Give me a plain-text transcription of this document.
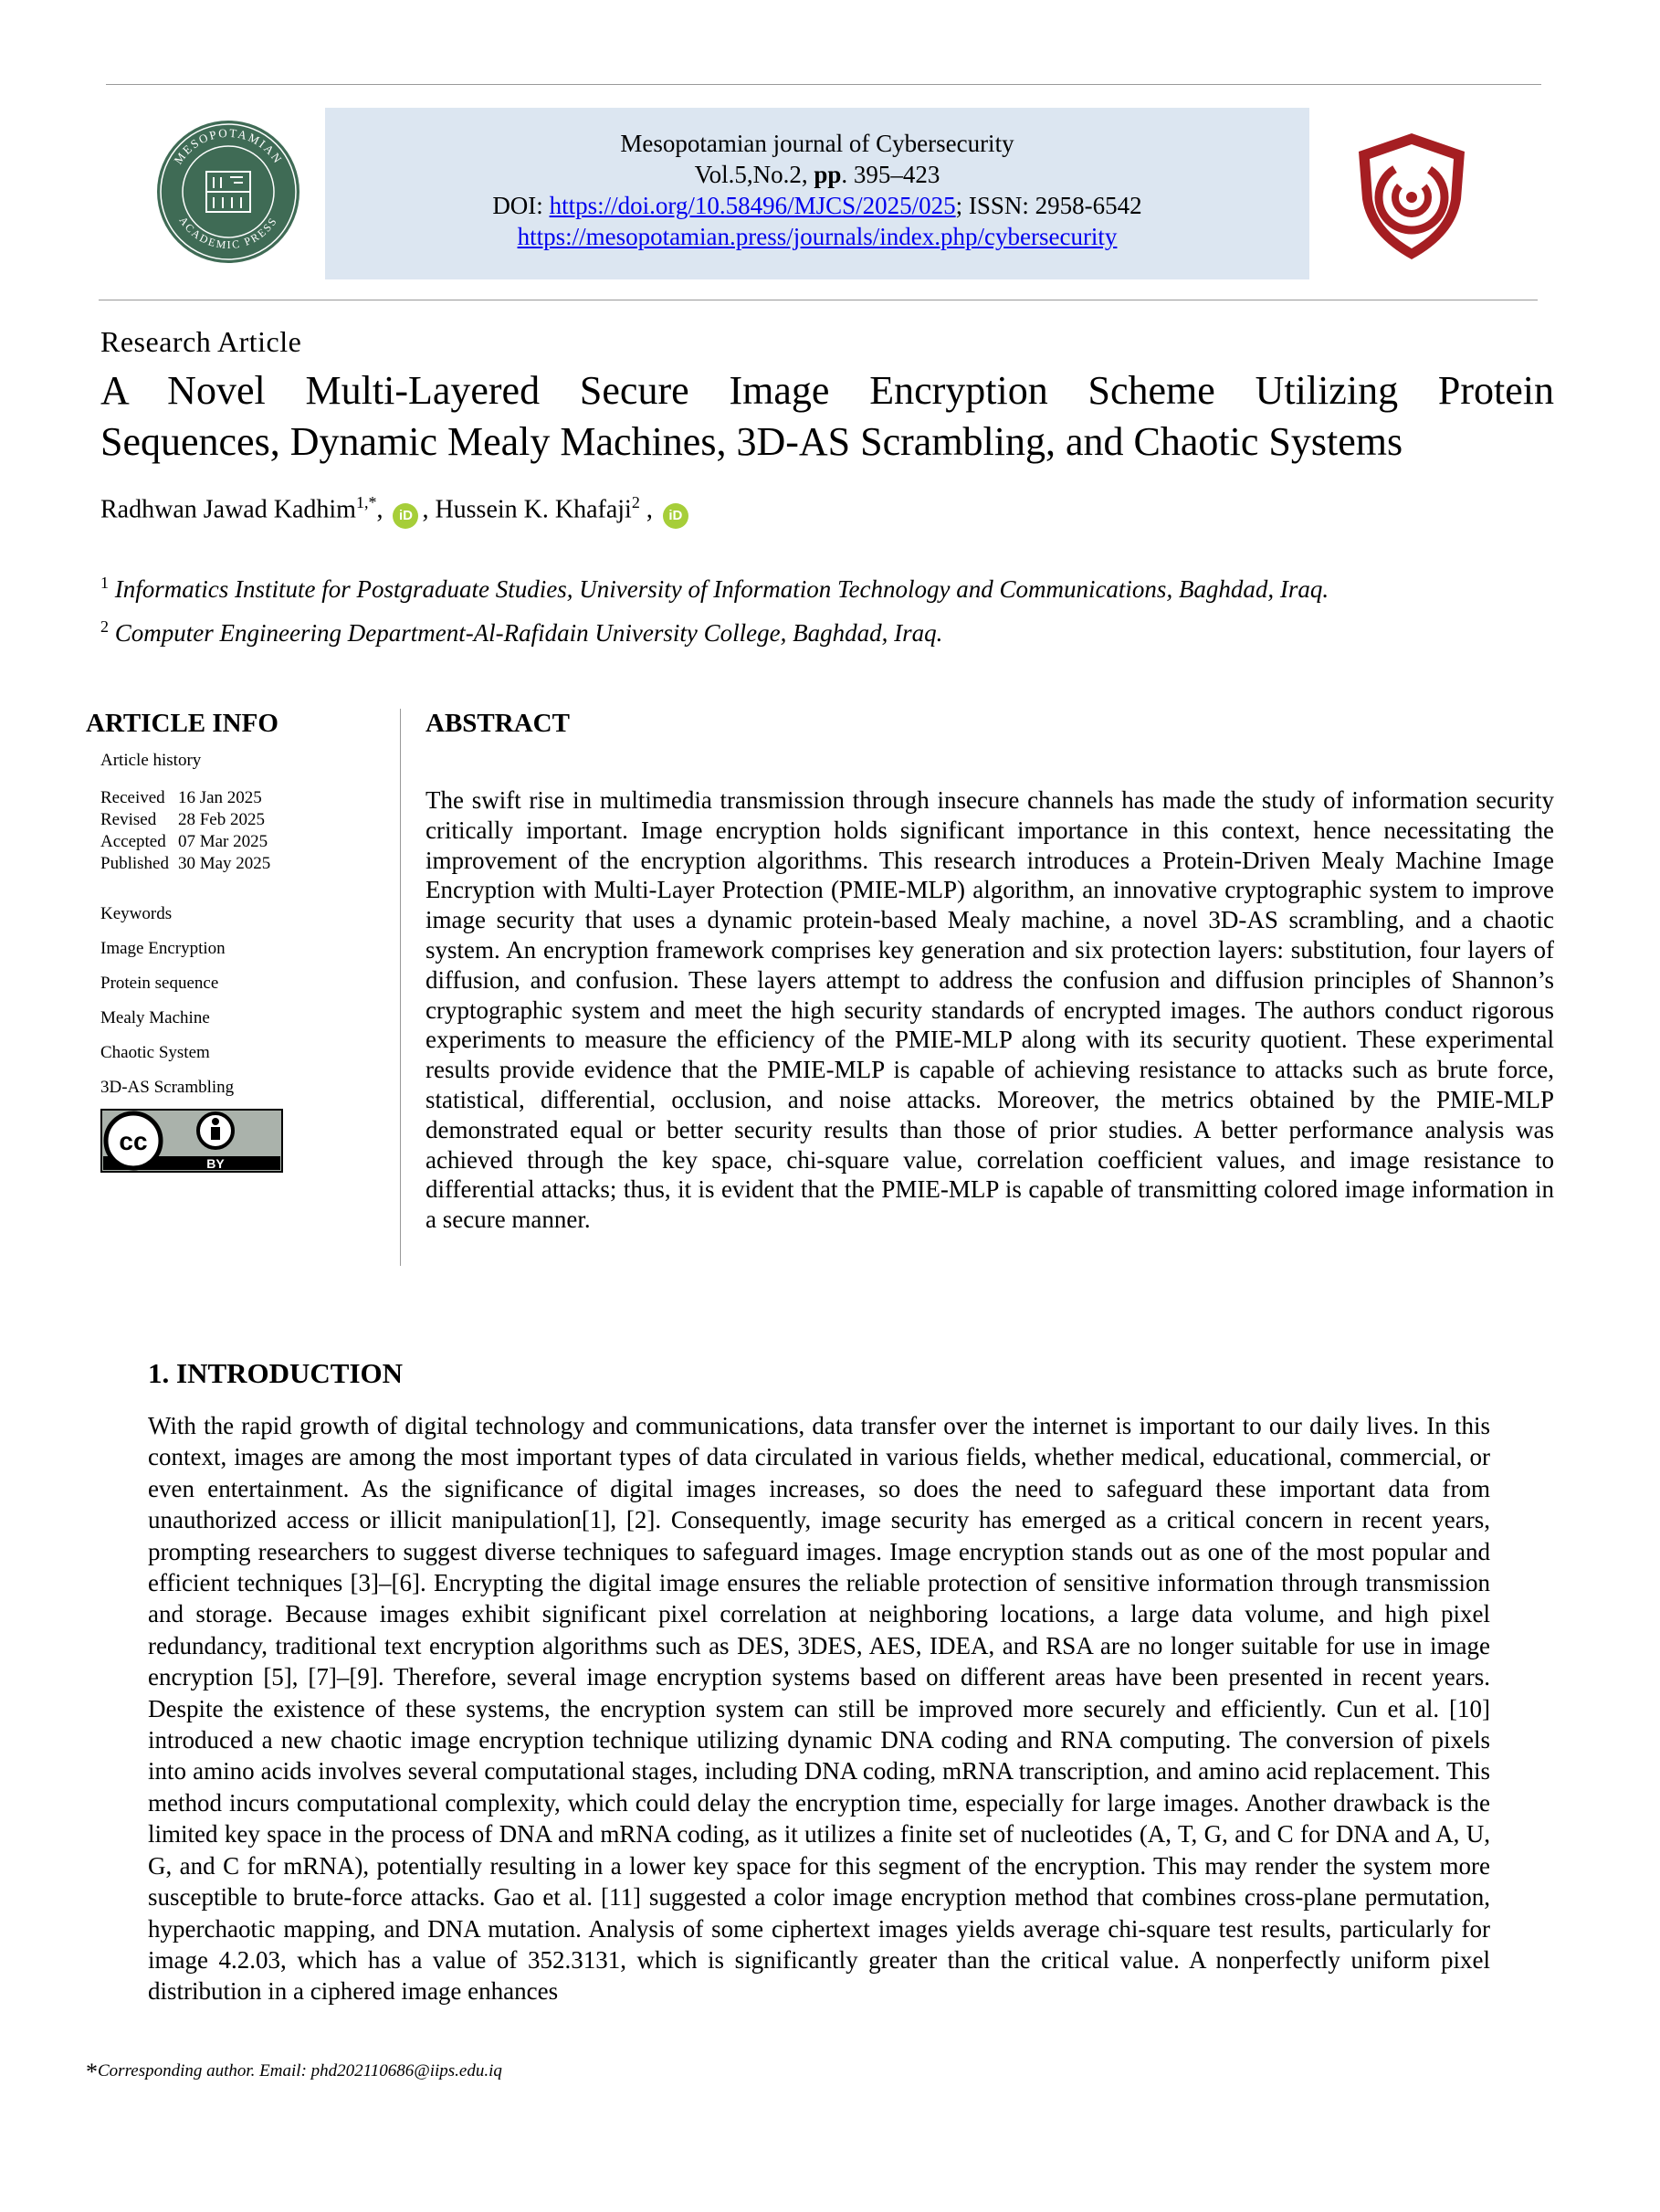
MESOPOTAMIAN
ACADEMIC PRESS
Mesopotamian journal of Cybersecurity
Vol.5,No.2, pp. 395–423
DOI: https://doi.org/10.58496/MJCS/2025/025; ISSN: 2958-6542
https://mesopotamian.press/journals/index.php/cybersecurity
Research Article
A Novel Multi-Layered Secure Image Encryption Scheme Utilizing Protein
Sequences, Dynamic Mealy Machines, 3D-AS Scrambling, and Chaotic Systems
Radhwan Jawad Kadhim$^{1,*}$, iD , Hussein K. Khafaji$^2$ , iD
$^1$ Informatics Institute for Postgraduate Studies, University of Information Technology and Communications, Baghdad, Iraq.
$^2$ Computer Engineering Department-Al-Rafidain University College, Baghdad, Iraq.
ARTICLE INFO
Article history
Received	16 Jan 2025
Revised	28 Feb 2025
Accepted	07 Mar 2025
Published	30 May 2025
Keywords
Image Encryption
Protein sequence
Mealy Machine
Chaotic System
3D-AS Scrambling
cc
BY
ABSTRACT
The swift rise in multimedia transmission through insecure channels has made the study of information security critically important. Image encryption holds significant importance in this context, hence necessitating the improvement of the encryption algorithms. This research introduces a Protein-Driven Mealy Machine Image Encryption with Multi-Layer Protection (PMIE-MLP) algorithm, an innovative cryptographic system to improve image security that uses a dynamic protein-based Mealy machine, a novel 3D-AS scrambling, and a chaotic system. An encryption framework comprises key generation and six protection layers: substitution, four layers of diffusion, and confusion. These layers attempt to address the confusion and diffusion principles of Shannon’s cryptographic system and meet the high security standards of encrypted images. The authors conduct rigorous experiments to measure the efficiency of the PMIE-MLP along with its security quotient. These experimental results provide evidence that the PMIE-MLP is capable of achieving resistance to attacks such as brute force, statistical, differential, occlusion, and noise attacks. Moreover, the metrics obtained by the PMIE-MLP demonstrated equal or better security results than those of prior studies. A better performance analysis was achieved through the key space, chi-square value, correlation coefficient values, and image resistance to differential attacks; thus, it is evident that the PMIE-MLP is capable of transmitting colored image information in a secure manner.
1. INTRODUCTION
With the rapid growth of digital technology and communications, data transfer over the internet is important to our daily lives. In this context, images are among the most important types of data circulated in various fields, whether medical, educational, commercial, or even entertainment. As the significance of digital images increases, so does the need to safeguard these important data from unauthorized access or illicit manipulation[1], [2]. Consequently, image security has emerged as a critical concern in recent years, prompting researchers to suggest diverse techniques to safeguard images. Image encryption stands out as one of the most popular and efficient techniques [3]–[6]. Encrypting the digital image ensures the reliable protection of sensitive information through transmission and storage. Because images exhibit significant pixel correlation at neighboring locations, a large data volume, and high pixel redundancy, traditional text encryption algorithms such as DES, 3DES, AES, IDEA, and RSA are no longer suitable for use in image encryption [5], [7]–[9]. Therefore, several image encryption systems based on different areas have been presented in recent years. Despite the existence of these systems, the encryption system can still be improved more securely and efficiently. Cun et al. [10] introduced a new chaotic image encryption technique utilizing dynamic DNA coding and RNA computing. The conversion of pixels into amino acids involves several computational stages, including DNA coding, mRNA transcription, and amino acid replacement. This method incurs computational complexity, which could delay the encryption time, especially for large images. Another drawback is the limited key space in the process of DNA and mRNA coding, as it utilizes a finite set of nucleotides (A, T, G, and C for DNA and A, U, G, and C for mRNA), potentially resulting in a lower key space for this segment of the encryption. This may render the system more susceptible to brute-force attacks. Gao et al. [11] suggested a color image encryption method that combines cross-plane permutation, hyperchaotic mapping, and DNA mutation. Analysis of some ciphertext images yields average chi-square test results, particularly for image 4.2.03, which has a value of 352.3131, which is significantly greater than the critical value. A nonperfectly uniform pixel distribution in a ciphered image enhances
*Corresponding author. Email: phd202110686@iips.edu.iq
